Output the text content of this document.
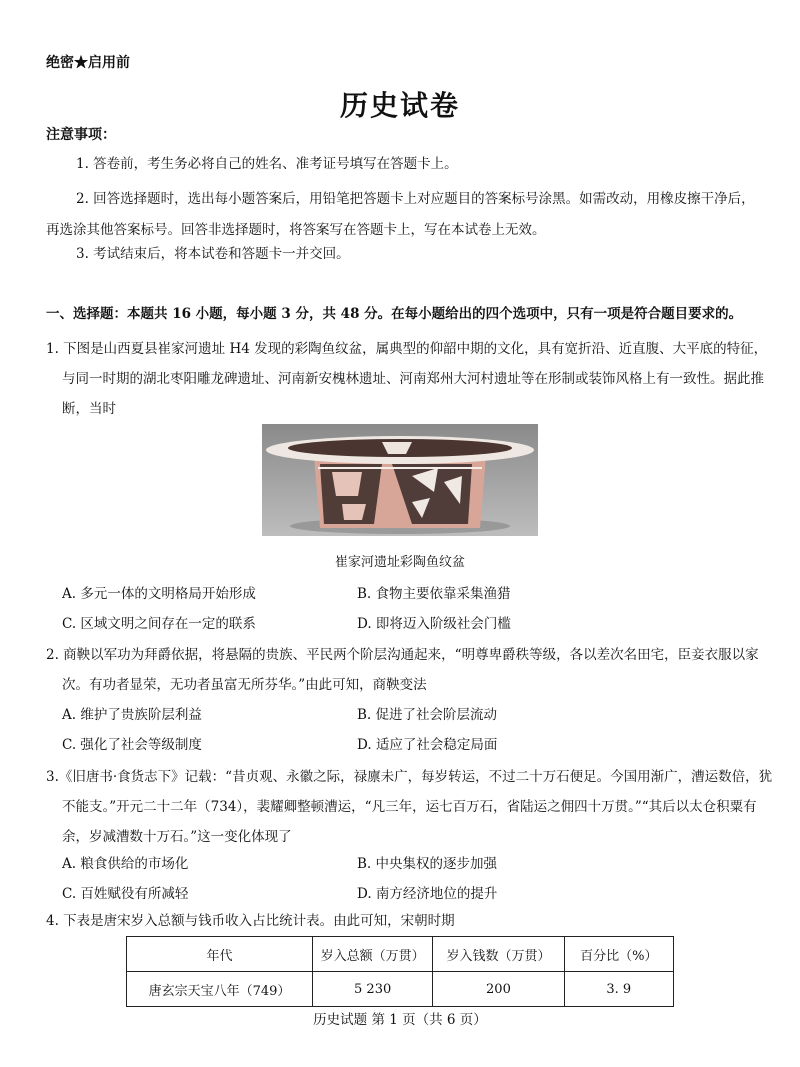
绝密★启用前
历史试卷
注意事项：
1. 答卷前，考生务必将自己的姓名、准考证号填写在答题卡上。
2. 回答选择题时，选出每小题答案后，用铅笔把答题卡上对应题目的答案标号涂黑。如需改动，用橡皮擦干净后，再选涂其他答案标号。回答非选择题时，将答案写在答题卡上，写在本试卷上无效。
3. 考试结束后，将本试卷和答题卡一并交回。
一、选择题：本题共 16 小题，每小题 3 分，共 48 分。在每小题给出的四个选项中，只有一项是符合题目要求的。
1. 下图是山西夏县崔家河遗址 H4 发现的彩陶鱼纹盆，属典型的仰韶中期的文化，具有宽折沿、近直腹、大平底的特征，与同一时期的湖北枣阳雕龙碑遗址、河南新安槐林遗址、河南郑州大河村遗址等在形制或装饰风格上有一致性。据此推断，当时
崔家河遗址彩陶鱼纹盆
A. 多元一体的文明格局开始形成	B. 食物主要依靠采集渔猎
C. 区域文明之间存在一定的联系	D. 即将迈入阶级社会门槛
2. 商鞅以军功为拜爵依据，将悬隔的贵族、平民两个阶层沟通起来，“明尊卑爵秩等级，各以差次名田宅，臣妾衣服以家次。有功者显荣，无功者虽富无所芬华。”由此可知，商鞅变法
A. 维护了贵族阶层利益	B. 促进了社会阶层流动
C. 强化了社会等级制度	D. 适应了社会稳定局面
3.《旧唐书·食货志下》记载：“昔贞观、永徽之际，禄廪未广，每岁转运，不过二十万石便足。今国用渐广，漕运数倍，犹不能支。”开元二十二年（734），裴耀卿整顿漕运，“凡三年，运七百万石，省陆运之佣四十万贯。”“其后以太仓积粟有余，岁减漕数十万石。”这一变化体现了
A. 粮食供给的市场化	B. 中央集权的逐步加强
C. 百姓赋役有所减轻	D. 南方经济地位的提升
4. 下表是唐宋岁入总额与钱币收入占比统计表。由此可知，宋朝时期
年代	岁入总额（万贯）	岁入钱数（万贯）	百分比（%）
唐玄宗天宝八年（749）	5 230	200	3. 9
历史试题 第 1 页（共 6 页）
